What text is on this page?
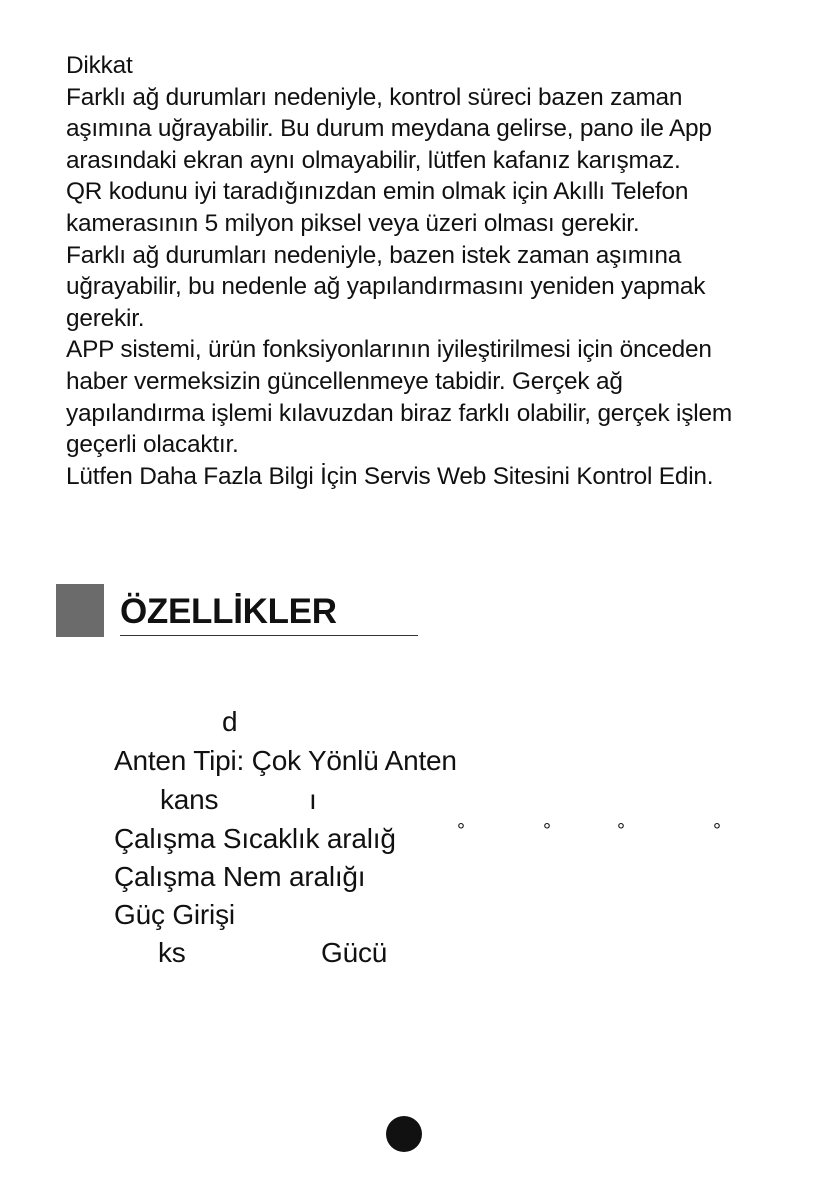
Dikkat
Farklı ağ durumları nedeniyle, kontrol süreci bazen zaman
aşımına uğrayabilir. Bu durum meydana gelirse, pano ile App
arasındaki ekran aynı olmayabilir, lütfen kafanız karışmaz.
QR kodunu iyi taradığınızdan emin olmak için Akıllı Telefon
kamerasının 5 milyon piksel veya üzeri olması gerekir.
Farklı ağ durumları nedeniyle, bazen istek zaman aşımına
uğrayabilir, bu nedenle ağ yapılandırmasını yeniden yapmak
gerekir.
APP sistemi, ürün fonksiyonlarının iyileştirilmesi için önceden
haber vermeksizin güncellenmeye tabidir. Gerçek ağ
yapılandırma işlemi kılavuzdan biraz farklı olabilir, gerçek işlem
geçerli olacaktır.
Lütfen Daha Fazla Bilgi İçin Servis Web Sitesini Kontrol Edin.
ÖZELLİKLER
d
Anten Tipi: Çok Yönlü Anten
kans	ı
Çalışma Sıcaklık aralığ	°	°	°	°
Çalışma Nem aralığı
Güç Girişi
ks	Gücü
